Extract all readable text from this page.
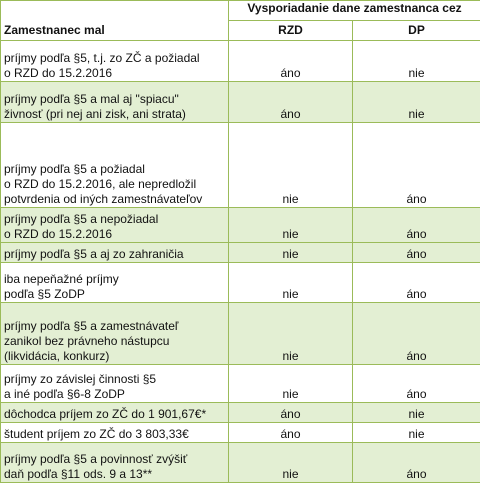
Zamestnanec mal	Vysporiadanie dane zamestnanca cez	
	RZD	DP

príjmy podľa §5, t.j. zo ZČ a požiadal
o RZD do 15.2.2016	áno	nie

príjmy podľa §5 a mal aj "spiacu"
živnosť (pri nej ani zisk, ani strata)	áno	nie

príjmy podľa §5 a požiadal
o RZD do 15.2.2016, ale nepredložil
potvrdenia od iných zamestnávateľov	nie	áno

príjmy podľa §5 a nepožiadal
o RZD do 15.2.2016	nie	áno

príjmy podľa §5 a aj zo zahraničia	nie	áno

iba nepeňažné príjmy
podľa §5 ZoDP	nie	áno

príjmy podľa §5 a zamestnávateľ
zanikol bez právneho nástupcu
(likvidácia, konkurz)	nie	áno

príjmy zo závislej činnosti §5
a iné podľa §6-8 ZoDP	nie	áno

dôchodca príjem zo ZČ do 1 901,67€*	áno	nie

študent príjem zo ZČ do 3 803,33€	áno	nie

príjmy podľa §5 a povinnosť zvýšiť
daň podľa §11 ods. 9 a 13**	nie	áno
